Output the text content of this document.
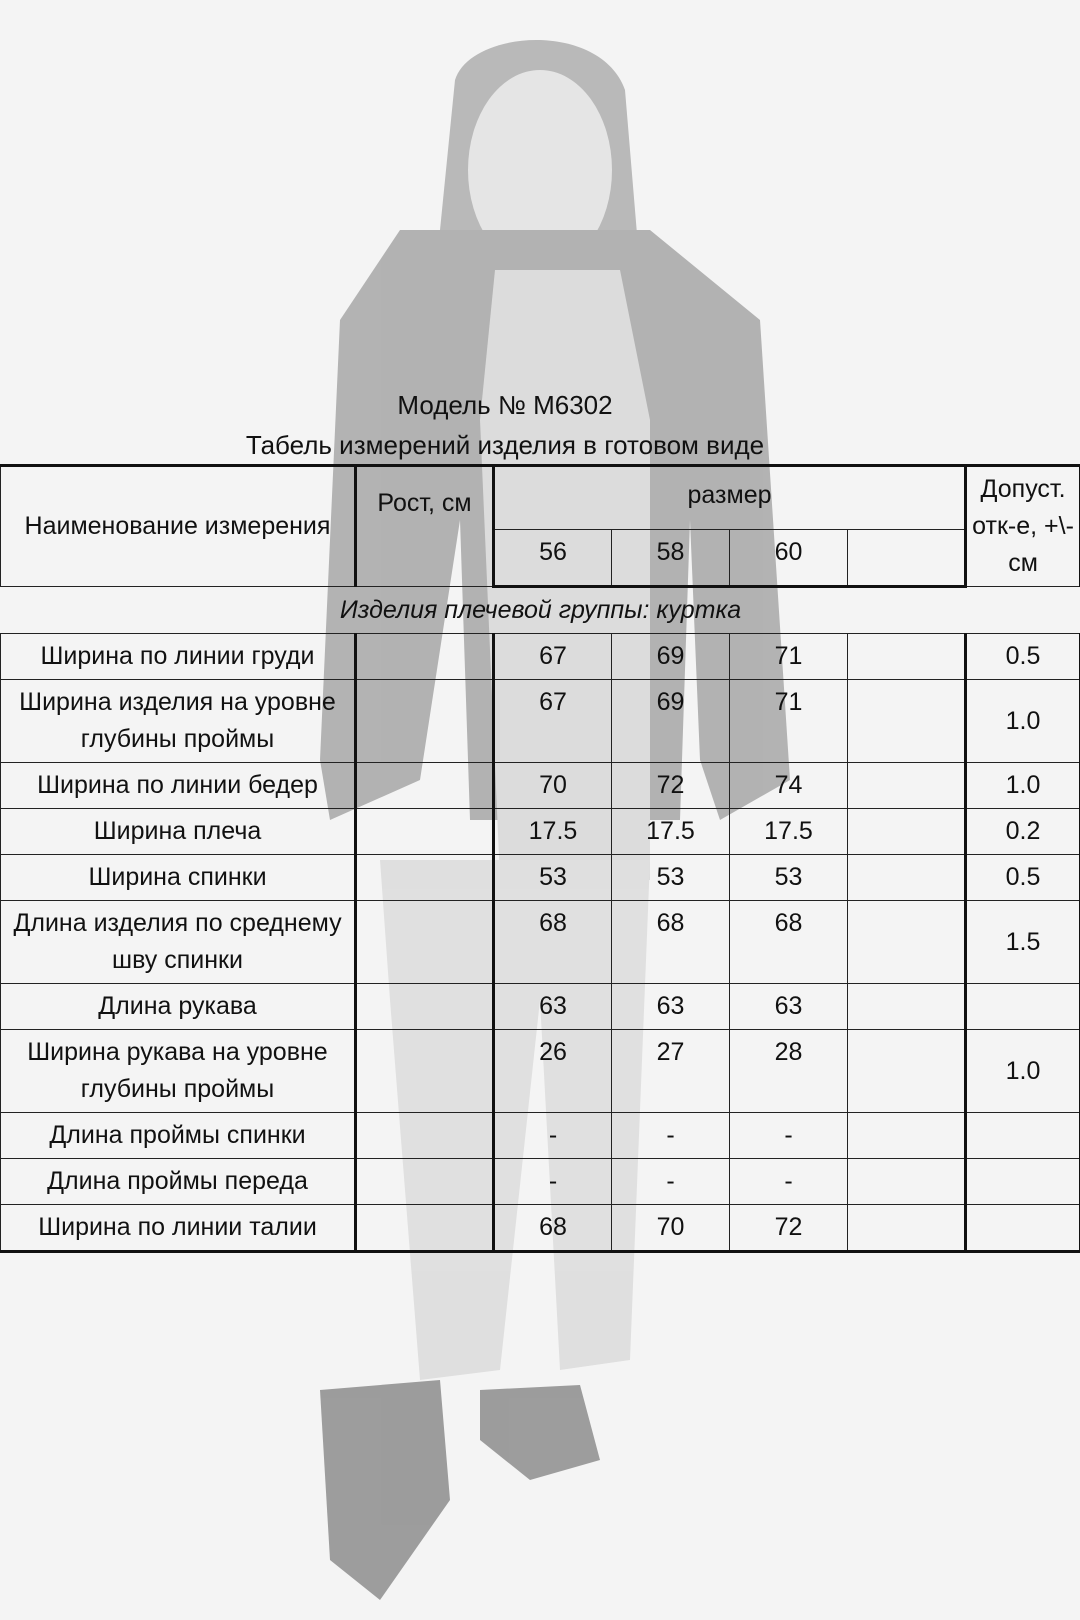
Модель № М6302
Табель измерений изделия в готовом виде
Наименование измерения	Рост, см	размер				Допуст. отк-е, +\-см
		56	58	60		
Изделия плечевой группы: куртка						
Ширина по линии груди		67	69	71		0.5
Ширина изделия на уровне глубины проймы		67	69	71		1.0
Ширина по линии бедер		70	72	74		1.0
Ширина плеча		17.5	17.5	17.5		0.2
Ширина спинки		53	53	53		0.5
Длина изделия по среднему шву спинки		68	68	68		1.5
Длина рукава		63	63	63		
Ширина рукава на уровне глубины проймы		26	27	28		1.0
Длина проймы спинки		-	-	-		
Длина проймы переда		-	-	-		
Ширина по линии талии		68	70	72		
